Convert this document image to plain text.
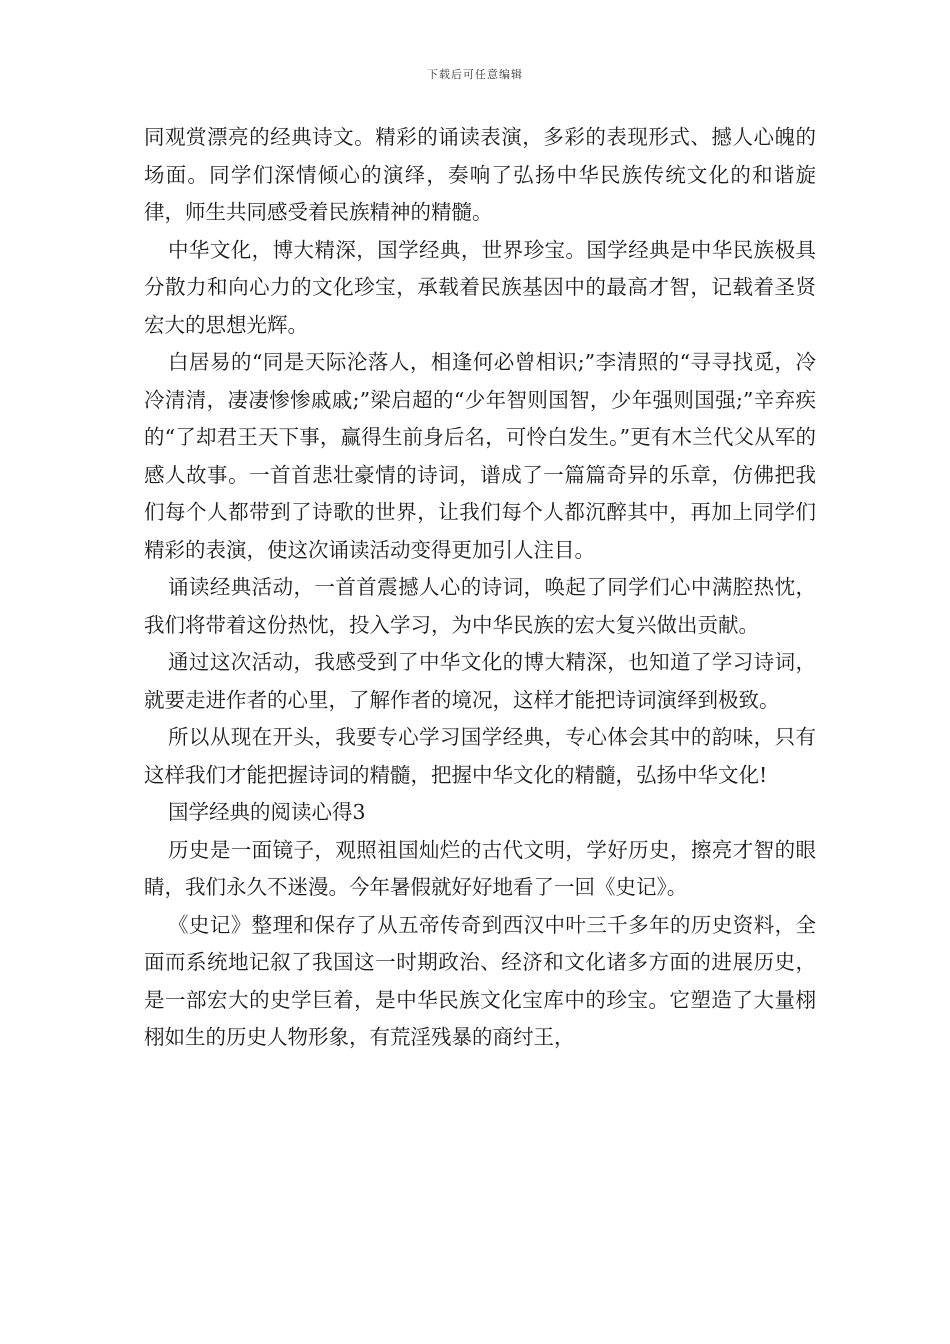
下载后可任意编辑

同观赏漂亮的经典诗文。精彩的诵读表演，多彩的表现形式、撼人心魄的场面。同学们深情倾心的演绎，奏响了弘扬中华民族传统文化的和谐旋律，师生共同感受着民族精神的精髓。

中华文化，博大精深，国学经典，世界珍宝。国学经典是中华民族极具分散力和向心力的文化珍宝，承载着民族基因中的最高才智，记载着圣贤宏大的思想光辉。

白居易的“同是天际沦落人，相逢何必曾相识;”李清照的“寻寻找觅，冷冷清清，凄凄惨惨戚戚;”梁启超的“少年智则国智，少年强则国强;”辛弃疾的“了却君王天下事，赢得生前身后名，可怜白发生。”更有木兰代父从军的感人故事。一首首悲壮豪情的诗词，谱成了一篇篇奇异的乐章，仿佛把我们每个人都带到了诗歌的世界，让我们每个人都沉醉其中，再加上同学们精彩的表演，使这次诵读活动变得更加引人注目。

诵读经典活动，一首首震撼人心的诗词，唤起了同学们心中满腔热忱，我们将带着这份热忱，投入学习，为中华民族的宏大复兴做出贡献。

通过这次活动，我感受到了中华文化的博大精深，也知道了学习诗词，就要走进作者的心里，了解作者的境况，这样才能把诗词演绎到极致。

所以从现在开头，我要专心学习国学经典，专心体会其中的韵味，只有这样我们才能把握诗词的精髓，把握中华文化的精髓，弘扬中华文化!

国学经典的阅读心得3

历史是一面镜子，观照祖国灿烂的古代文明，学好历史，擦亮才智的眼睛，我们永久不迷漫。今年暑假就好好地看了一回《史记》。

《史记》整理和保存了从五帝传奇到西汉中叶三千多年的历史资料，全面而系统地记叙了我国这一时期政治、经济和文化诸多方面的进展历史，是一部宏大的史学巨着，是中华民族文化宝库中的珍宝。它塑造了大量栩栩如生的历史人物形象，有荒淫残暴的商纣王，
